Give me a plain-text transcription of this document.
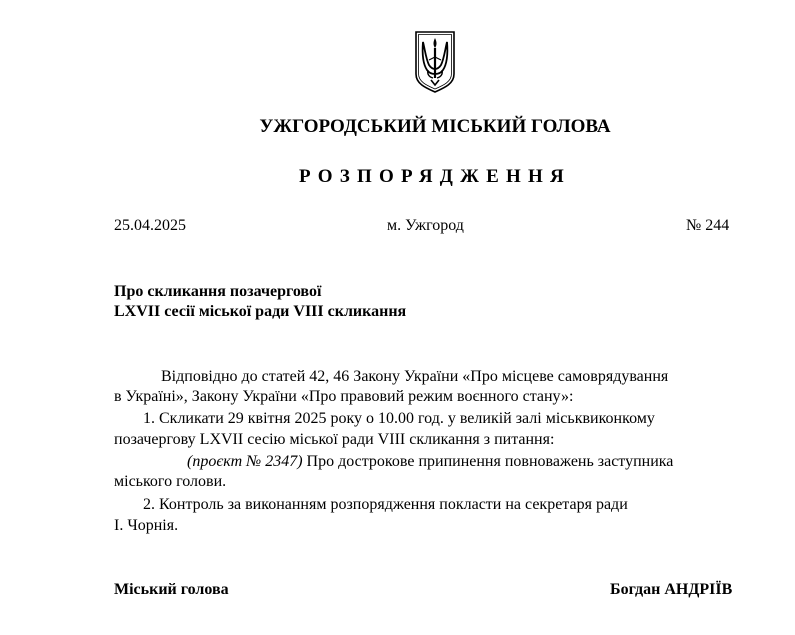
УЖГОРОДСЬКИЙ МІСЬКИЙ ГОЛОВА
РОЗПОРЯДЖЕННЯ
25.04.2025	м. Ужгород	№ 244
Про скликання позачергової
LXVII сесії міської ради VIII скликання
Відповідно до статей 42, 46 Закону України «Про місцеве самоврядування
в Україні», Закону України «Про правовий режим воєнного стану»:
1. Скликати 29 квітня 2025 року о 10.00 год. у великій залі міськвиконкому
позачергову LXVII сесію міської ради VIII скликання з питання:
(проєкт № 2347) Про дострокове припинення повноважень заступника
міського голови.
2. Контроль за виконанням розпорядження покласти на секретаря ради
І. Чорнія.
Міський голова	Богдан АНДРІЇВ
